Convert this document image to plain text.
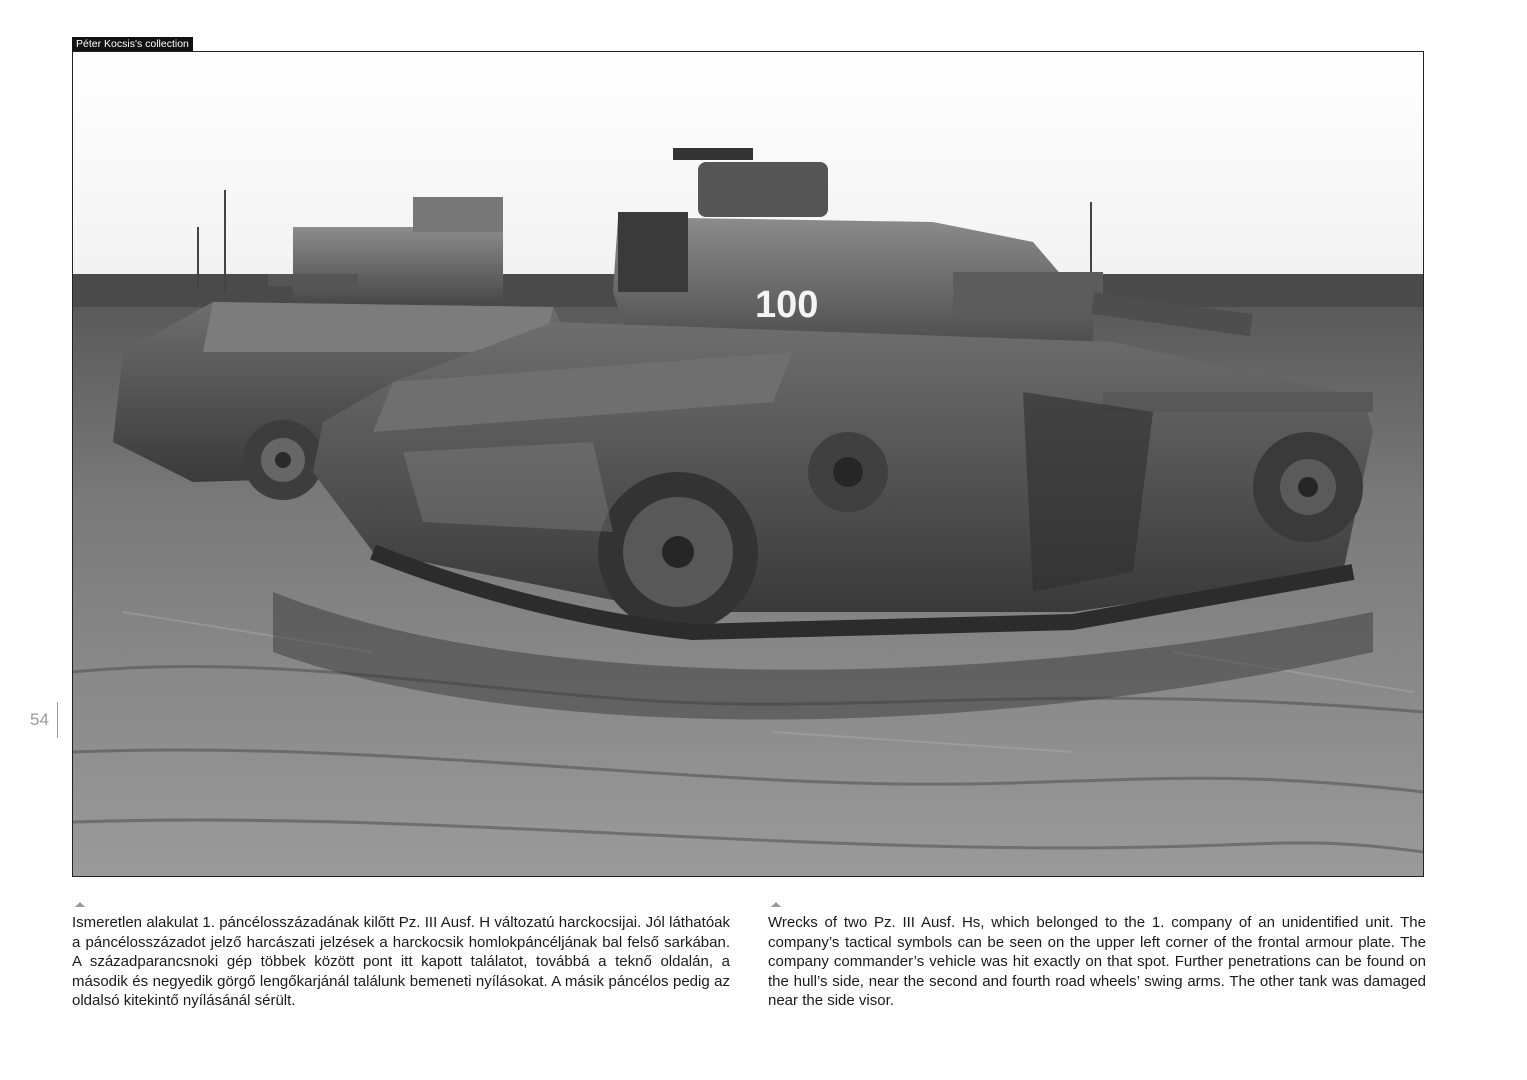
Péter Kocsis's collection
100
54

Ismeretlen alakulat 1. páncélosszázadának kilőtt Pz. III Ausf. H változatú harckocsijai. Jól láthatóak a páncélosszázadot jelző harcászati jelzések a harckocsik homlokpáncéljának bal felső sarkában. A századparancsnoki gép többek között pont itt kapott találatot, továbbá a teknő oldalán, a második és negyedik görgő lengőkarjánál találunk bemeneti nyílásokat. A másik páncélos pedig az oldalsó kitekintő nyílásánál sérült.

Wrecks of two Pz. III Ausf. Hs, which belonged to the 1. company of an unidentified unit. The company’s tactical symbols can be seen on the upper left corner of the frontal armour plate. The company commander’s vehicle was hit exactly on that spot. Further penetrations can be found on the hull’s side, near the second and fourth road wheels’ swing arms. The other tank was damaged near the side visor.
